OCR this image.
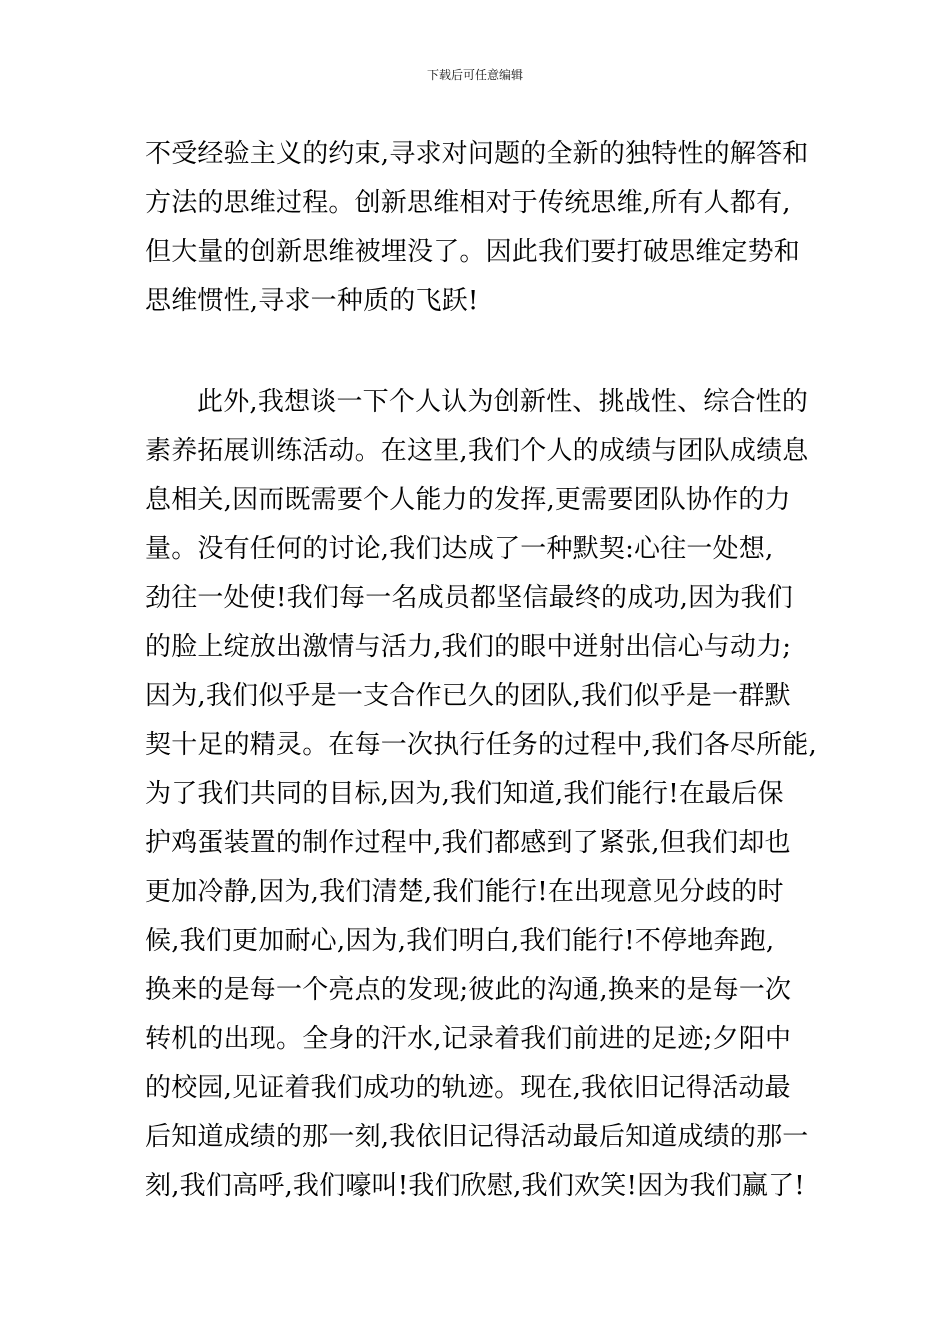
下载后可任意编辑
不受经验主义的约束,寻求对问题的全新的独特性的解答和
方法的思维过程。创新思维相对于传统思维,所有人都有,
但大量的创新思维被埋没了。因此我们要打破思维定势和
思维惯性,寻求一种质的飞跃!
此外,我想谈一下个人认为创新性、挑战性、综合性的
素养拓展训练活动。在这里,我们个人的成绩与团队成绩息
息相关,因而既需要个人能力的发挥,更需要团队协作的力
量。没有任何的讨论,我们达成了一种默契:心往一处想,
劲往一处使!我们每一名成员都坚信最终的成功,因为我们
的脸上绽放出激情与活力,我们的眼中迸射出信心与动力;
因为,我们似乎是一支合作已久的团队,我们似乎是一群默
契十足的精灵。在每一次执行任务的过程中,我们各尽所能,
为了我们共同的目标,因为,我们知道,我们能行!在最后保
护鸡蛋装置的制作过程中,我们都感到了紧张,但我们却也
更加冷静,因为,我们清楚,我们能行!在出现意见分歧的时
候,我们更加耐心,因为,我们明白,我们能行!不停地奔跑,
换来的是每一个亮点的发现;彼此的沟通,换来的是每一次
转机的出现。全身的汗水,记录着我们前进的足迹;夕阳中
的校园,见证着我们成功的轨迹。现在,我依旧记得活动最
后知道成绩的那一刻,我依旧记得活动最后知道成绩的那一
刻,我们高呼,我们嚎叫!我们欣慰,我们欢笑!因为我们赢了!
